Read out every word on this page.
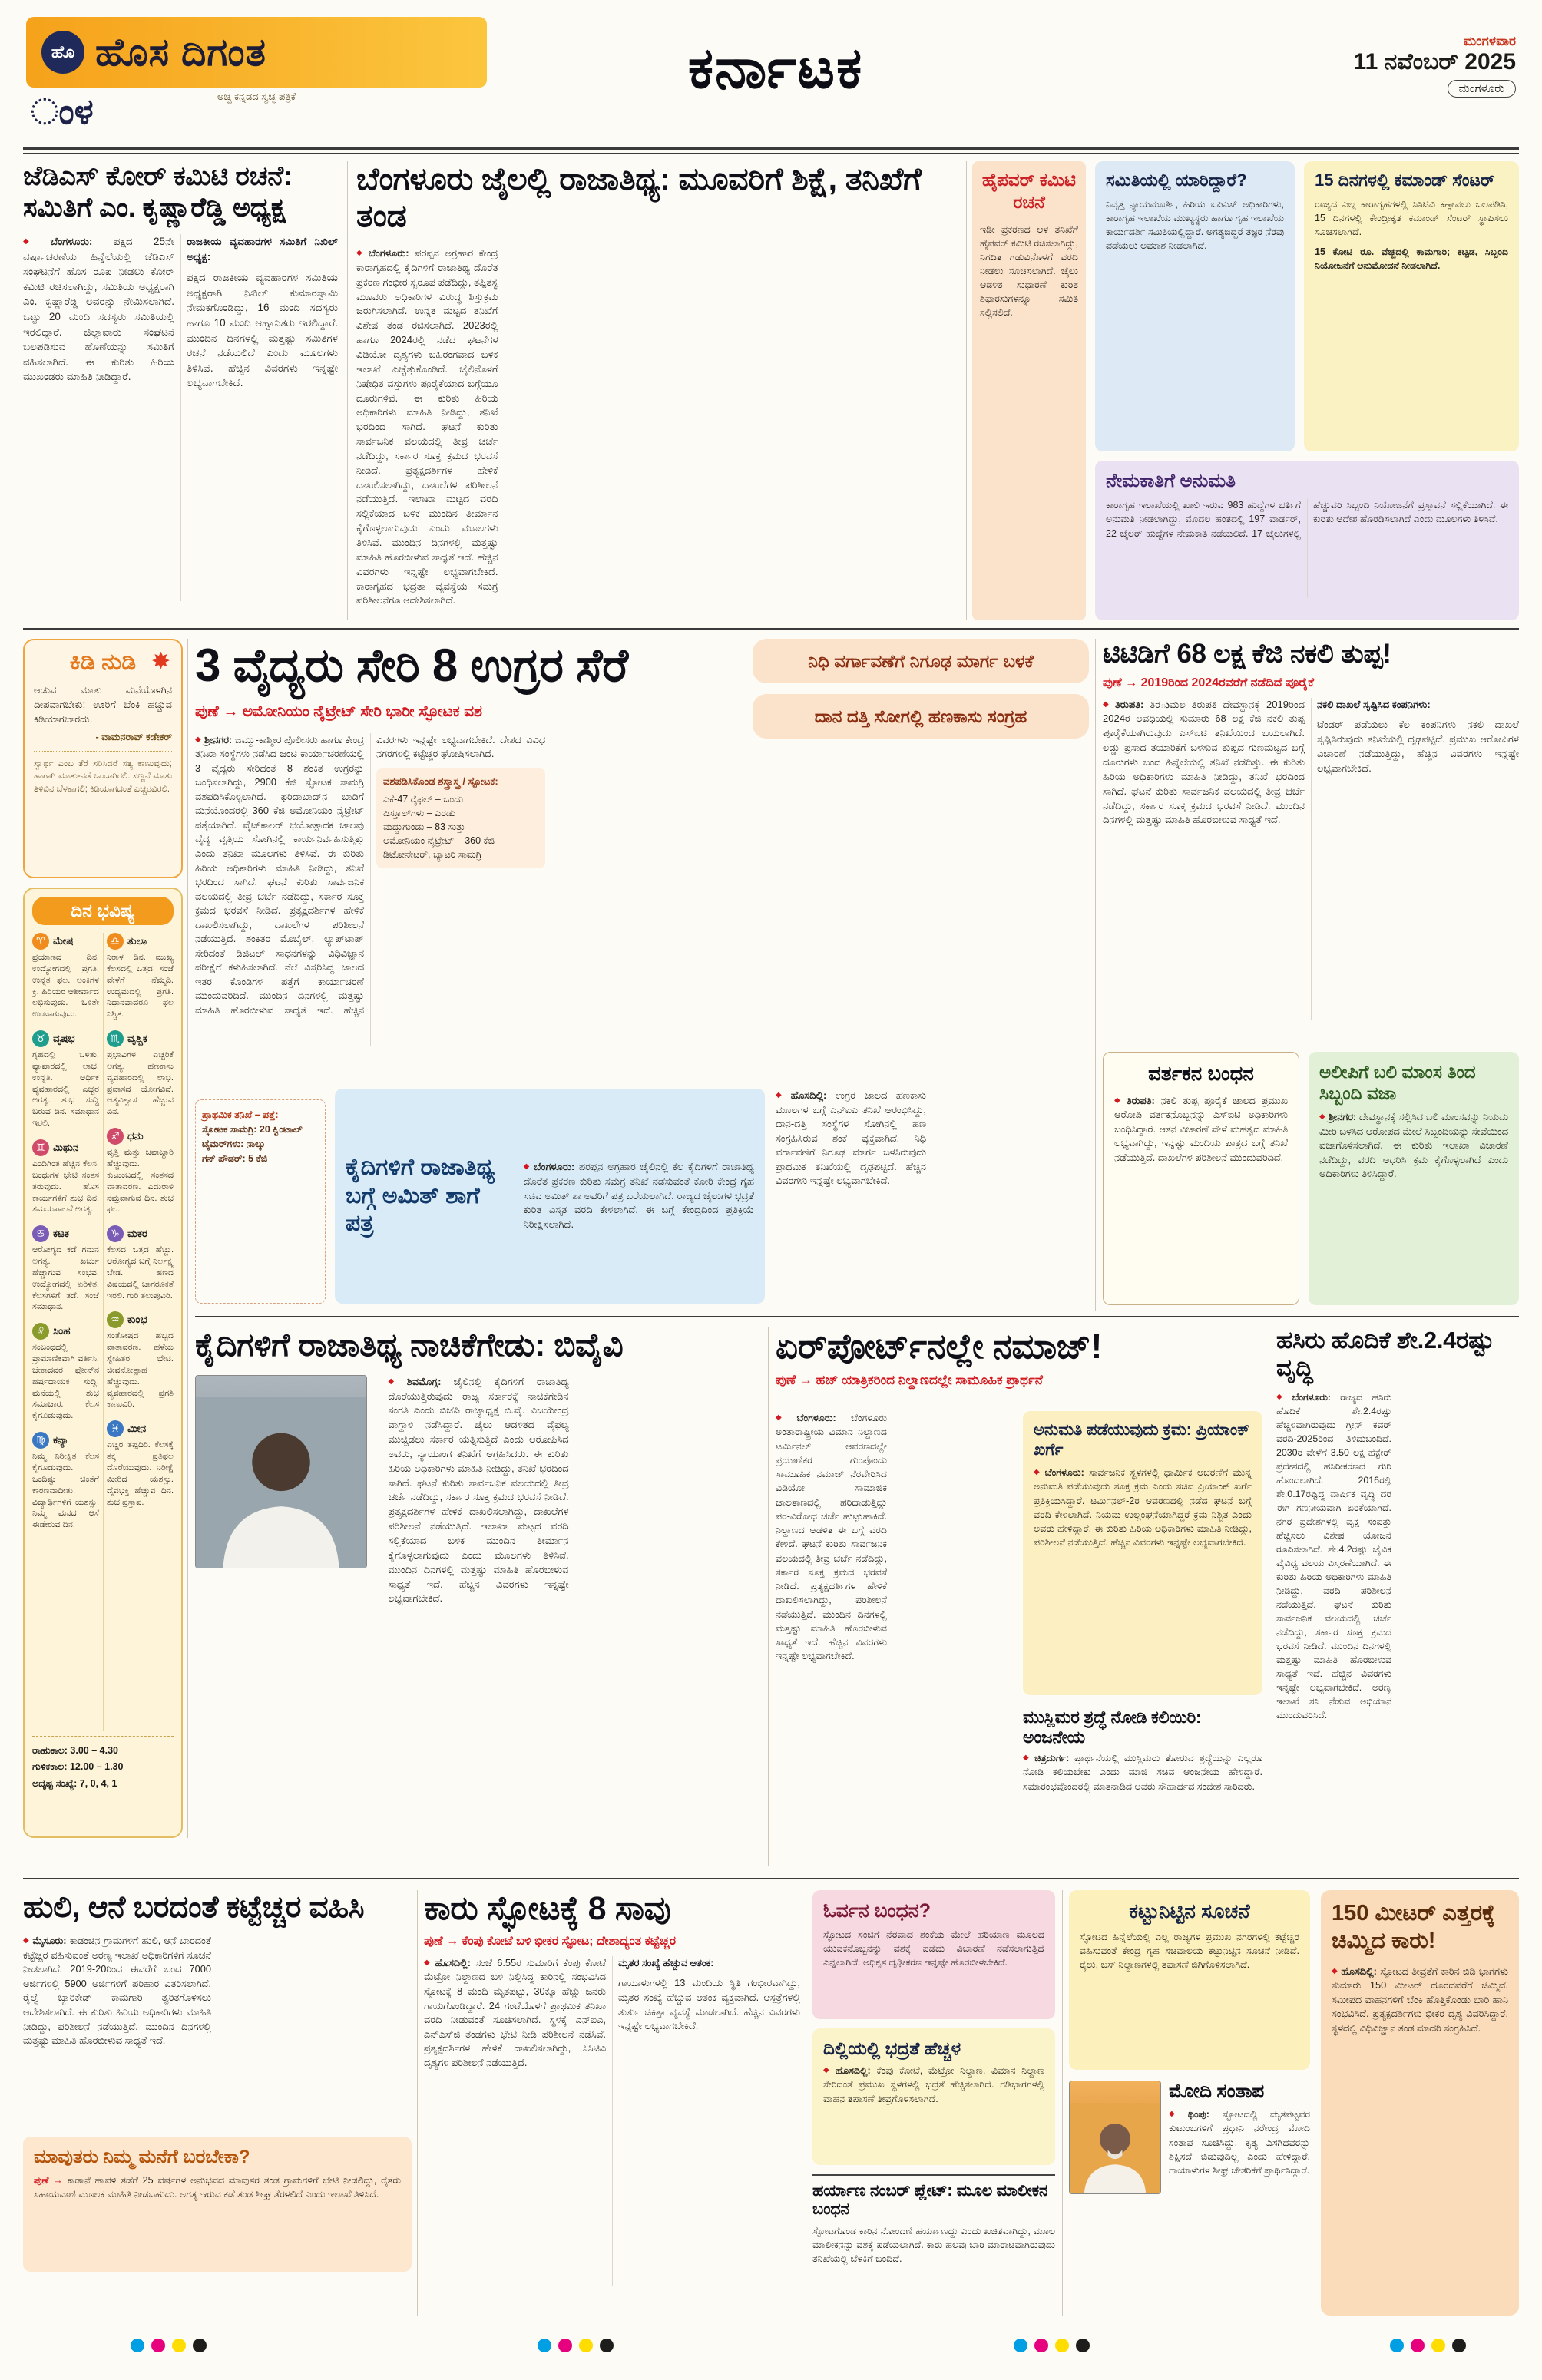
ಹೊ ಹೊಸ ದಿಗಂತ
ಂಳ	ಅಚ್ಚ ಕನ್ನಡದ ಸ್ವಚ್ಛ ಪತ್ರಿಕೆ	ಕರ್ನಾಟಕ	ಮಂಗಳವಾರ
11 ನವೆಂಬರ್ 2025
ಮಂಗಳೂರು
ಜೆಡಿಎಸ್ ಕೋರ್ ಕಮಿಟಿ ರಚನೆ: ಸಮಿತಿಗೆ ಎಂ. ಕೃಷ್ಣಾರೆಡ್ಡಿ ಅಧ್ಯಕ್ಷ

◆ ಬೆಂಗಳೂರು: ಪಕ್ಷದ 25ನೇ ವರ್ಷಾಚರಣೆಯ ಹಿನ್ನೆಲೆಯಲ್ಲಿ ಜೆಡಿಎಸ್ ಸಂಘಟನೆಗೆ ಹೊಸ ರೂಪ ನೀಡಲು ಕೋರ್ ಕಮಿಟಿ ರಚಿಸಲಾಗಿದ್ದು, ಸಮಿತಿಯ ಅಧ್ಯಕ್ಷರಾಗಿ ಎಂ. ಕೃಷ್ಣಾರೆಡ್ಡಿ ಅವರನ್ನು ನೇಮಿಸಲಾಗಿದೆ. ಒಟ್ಟು 20 ಮಂದಿ ಸದಸ್ಯರು ಸಮಿತಿಯಲ್ಲಿ ಇರಲಿದ್ದಾರೆ. ಜಿಲ್ಲಾವಾರು ಸಂಘಟನೆ ಬಲಪಡಿಸುವ ಹೊಣೆಯನ್ನು ಸಮಿತಿಗೆ ವಹಿಸಲಾಗಿದೆ. ಈ ಕುರಿತು ಹಿರಿಯ ಮುಖಂಡರು ಮಾಹಿತಿ ನೀಡಿದ್ದಾರೆ.

ರಾಜಕೀಯ ವ್ಯವಹಾರಗಳ ಸಮಿತಿಗೆ ನಿಖಿಲ್ ಅಧ್ಯಕ್ಷ:

ಪಕ್ಷದ ರಾಜಕೀಯ ವ್ಯವಹಾರಗಳ ಸಮಿತಿಯ ಅಧ್ಯಕ್ಷರಾಗಿ ನಿಖಿಲ್ ಕುಮಾರಸ್ವಾಮಿ ನೇಮಕಗೊಂಡಿದ್ದು, 16 ಮಂದಿ ಸದಸ್ಯರು ಹಾಗೂ 10 ಮಂದಿ ಆಹ್ವಾನಿತರು ಇರಲಿದ್ದಾರೆ. ಮುಂದಿನ ದಿನಗಳಲ್ಲಿ ಮತ್ತಷ್ಟು ಸಮಿತಿಗಳ ರಚನೆ ನಡೆಯಲಿದೆ ಎಂದು ಮೂಲಗಳು ತಿಳಿಸಿವೆ. ಹೆಚ್ಚಿನ ವಿವರಗಳು ಇನ್ನಷ್ಟೇ ಲಭ್ಯವಾಗಬೇಕಿದೆ.

ಬೆಂಗಳೂರು ಜೈಲಲ್ಲಿ ರಾಜಾತಿಥ್ಯ: ಮೂವರಿಗೆ ಶಿಕ್ಷೆ, ತನಿಖೆಗೆ ತಂಡ

◆ ಬೆಂಗಳೂರು: ಪರಪ್ಪನ ಅಗ್ರಹಾರ ಕೇಂದ್ರ ಕಾರಾಗೃಹದಲ್ಲಿ ಕೈದಿಗಳಿಗೆ ರಾಜಾತಿಥ್ಯ ದೊರೆತ ಪ್ರಕರಣ ಗಂಭೀರ ಸ್ವರೂಪ ಪಡೆದಿದ್ದು, ತಪ್ಪಿತಸ್ಥ ಮೂವರು ಅಧಿಕಾರಿಗಳ ವಿರುದ್ಧ ಶಿಸ್ತುಕ್ರಮ ಜರುಗಿಸಲಾಗಿದೆ. ಉನ್ನತ ಮಟ್ಟದ ತನಿಖೆಗೆ ವಿಶೇಷ ತಂಡ ರಚಿಸಲಾಗಿದೆ. 2023ರಲ್ಲಿ ಹಾಗೂ 2024ರಲ್ಲಿ ನಡೆದ ಘಟನೆಗಳ ವಿಡಿಯೋ ದೃಶ್ಯಗಳು ಬಹಿರಂಗವಾದ ಬಳಿಕ ಇಲಾಖೆ ಎಚ್ಚೆತ್ತುಕೊಂಡಿದೆ. ಜೈಲಿನೊಳಗೆ ನಿಷೇಧಿತ ವಸ್ತುಗಳು ಪೂರೈಕೆಯಾದ ಬಗ್ಗೆಯೂ ದೂರುಗಳಿವೆ. ಈ ಕುರಿತು ಹಿರಿಯ ಅಧಿಕಾರಿಗಳು ಮಾಹಿತಿ ನೀಡಿದ್ದು, ತನಿಖೆ ಭರದಿಂದ ಸಾಗಿದೆ. ಘಟನೆ ಕುರಿತು ಸಾರ್ವಜನಿಕ ವಲಯದಲ್ಲಿ ತೀವ್ರ ಚರ್ಚೆ ನಡೆದಿದ್ದು, ಸರ್ಕಾರ ಸೂಕ್ತ ಕ್ರಮದ ಭರವಸೆ ನೀಡಿದೆ. ಪ್ರತ್ಯಕ್ಷದರ್ಶಿಗಳ ಹೇಳಿಕೆ ದಾಖಲಿಸಲಾಗಿದ್ದು, ದಾಖಲೆಗಳ ಪರಿಶೀಲನೆ ನಡೆಯುತ್ತಿದೆ. ಇಲಾಖಾ ಮಟ್ಟದ ವರದಿ ಸಲ್ಲಿಕೆಯಾದ ಬಳಿಕ ಮುಂದಿನ ತೀರ್ಮಾನ ಕೈಗೊಳ್ಳಲಾಗುವುದು ಎಂದು ಮೂಲಗಳು ತಿಳಿಸಿವೆ. ಮುಂದಿನ ದಿನಗಳಲ್ಲಿ ಮತ್ತಷ್ಟು ಮಾಹಿತಿ ಹೊರಬೀಳುವ ಸಾಧ್ಯತೆ ಇದೆ. ಹೆಚ್ಚಿನ ವಿವರಗಳು ಇನ್ನಷ್ಟೇ ಲಭ್ಯವಾಗಬೇಕಿದೆ. ಕಾರಾಗೃಹದ ಭದ್ರತಾ ವ್ಯವಸ್ಥೆಯ ಸಮಗ್ರ ಪರಿಶೀಲನೆಗೂ ಆದೇಶಿಸಲಾಗಿದೆ.

ಹೈಪವರ್ ಕಮಿಟಿ ರಚನೆ
ಇಡೀ ಪ್ರಕರಣದ ಆಳ ತನಿಖೆಗೆ ಹೈಪವರ್ ಕಮಿಟಿ ರಚಿಸಲಾಗಿದ್ದು, ನಿಗದಿತ ಗಡುವಿನೊಳಗೆ ವರದಿ ನೀಡಲು ಸೂಚಿಸಲಾಗಿದೆ. ಜೈಲು ಆಡಳಿತ ಸುಧಾರಣೆ ಕುರಿತ ಶಿಫಾರಸುಗಳನ್ನೂ ಸಮಿತಿ ಸಲ್ಲಿಸಲಿದೆ.
ಸಮಿತಿಯಲ್ಲಿ ಯಾರಿದ್ದಾರೆ?
ನಿವೃತ್ತ ನ್ಯಾಯಮೂರ್ತಿ, ಹಿರಿಯ ಐಪಿಎಸ್ ಅಧಿಕಾರಿಗಳು, ಕಾರಾಗೃಹ ಇಲಾಖೆಯ ಮುಖ್ಯಸ್ಥರು ಹಾಗೂ ಗೃಹ ಇಲಾಖೆಯ ಕಾರ್ಯದರ್ಶಿ ಸಮಿತಿಯಲ್ಲಿದ್ದಾರೆ. ಅಗತ್ಯಬಿದ್ದರೆ ತಜ್ಞರ ನೆರವು ಪಡೆಯಲು ಅವಕಾಶ ನೀಡಲಾಗಿದೆ.
15 ದಿನಗಳಲ್ಲಿ ಕಮಾಂಡ್ ಸೆಂಟರ್
ರಾಜ್ಯದ ಎಲ್ಲ ಕಾರಾಗೃಹಗಳಲ್ಲಿ ಸಿಸಿಟಿವಿ ಕಣ್ಗಾವಲು ಬಲಪಡಿಸಿ, 15 ದಿನಗಳಲ್ಲಿ ಕೇಂದ್ರೀಕೃತ ಕಮಾಂಡ್ ಸೆಂಟರ್ ಸ್ಥಾಪಿಸಲು ಸೂಚಿಸಲಾಗಿದೆ.
15 ಕೋಟಿ ರೂ. ವೆಚ್ಚದಲ್ಲಿ ಕಾಮಗಾರಿ; ಕಟ್ಟಡ, ಸಿಬ್ಬಂದಿ ನಿಯೋಜನೆಗೆ ಅನುಮೋದನೆ ನೀಡಲಾಗಿದೆ.
ನೇಮಕಾತಿಗೆ ಅನುಮತಿ
ಕಾರಾಗೃಹ ಇಲಾಖೆಯಲ್ಲಿ ಖಾಲಿ ಇರುವ 983 ಹುದ್ದೆಗಳ ಭರ್ತಿಗೆ ಅನುಮತಿ ನೀಡಲಾಗಿದ್ದು, ಮೊದಲ ಹಂತದಲ್ಲಿ 197 ವಾರ್ಡರ್, 22 ಜೈಲರ್ ಹುದ್ದೆಗಳ ನೇಮಕಾತಿ ನಡೆಯಲಿದೆ. 17 ಜೈಲುಗಳಲ್ಲಿ ಹೆಚ್ಚುವರಿ ಸಿಬ್ಬಂದಿ ನಿಯೋಜನೆಗೆ ಪ್ರಸ್ತಾವನೆ ಸಲ್ಲಿಕೆಯಾಗಿದೆ. ಈ ಕುರಿತು ಆದೇಶ ಹೊರಡಿಸಲಾಗಿದೆ ಎಂದು ಮೂಲಗಳು ತಿಳಿಸಿವೆ.
ಕಿಡಿ ನುಡಿ ✸
ಆಡುವ ಮಾತು ಮನೆಯೊಳಗಿನ ದೀಪವಾಗಬೇಕು; ಊರಿಗೆ ಬೆಂಕಿ ಹಚ್ಚುವ ಕಿಡಿಯಾಗಬಾರದು.
- ವಾಮನರಾವ್ ಕಡೇಕರ್
ಸ್ವಾರ್ಥ ಎಂಬ ತೆರೆ ಸರಿಸಿದರೆ ಸತ್ಯ ಕಾಣುವುದು; ಹಾಗಾಗಿ ಮಾತು-ನಡೆ ಒಂದಾಗಿರಲಿ. ಸಣ್ಣನೆ ಮಾತು ತಿಳಿವಿನ ಬೆಳಕಾಗಲಿ; ಕಿಡಿಯಾಗದಂತೆ ಎಚ್ಚರವಿರಲಿ.
ದಿನ ಭವಿಷ್ಯ
♈ ಮೇಷ
ಪ್ರಯಾಣದ ದಿನ. ಉದ್ಯೋಗದಲ್ಲಿ ಪ್ರಗತಿ. ಉನ್ನತ ಫಲ. ಅಂಕಿಗಳ ಕ್ರಿ. ಹಿರಿಯರ ಆಶೀರ್ವಾದ ಲಭಿಸುವುದು. ಒಳಿತೇ ಉಂಟಾಗುವುದು.
♉ ವೃಷಭ
ಗೃಹದಲ್ಲಿ ಒಳಿತು. ವ್ಯಾಪಾರದಲ್ಲಿ ಲಾಭ. ಉನ್ನತಿ. ಆರ್ಥಿಕ ವ್ಯವಹಾರದಲ್ಲಿ ಎಚ್ಚರ ಅಗತ್ಯ. ಶುಭ ಸುದ್ದಿ ಬರುವ ದಿನ. ಸಮಾಧಾನ ಇರಲಿ.
♊ ಮಿಥುನ
ಎಂದಿಗಿಂತ ಹೆಚ್ಚಿನ ಕೆಲಸ. ಬಂಧುಗಳ ಭೇಟಿ ಸಂತಸ ತರುವುದು. ಹೊಸ ಕಾರ್ಯಗಳಿಗೆ ಶುಭ ದಿನ. ಸಮಯಪಾಲನೆ ಅಗತ್ಯ.
♋ ಕಟಕ
ಆರೋಗ್ಯದ ಕಡೆ ಗಮನ ಅಗತ್ಯ. ಖರ್ಚು ಹೆಚ್ಚಾಗುವ ಸಂಭವ. ಉದ್ಯೋಗದಲ್ಲಿ ಏರಿಳಿತ. ಕೆಲಸಗಳಿಗೆ ತಡೆ. ಸಂಜೆ ಸಮಾಧಾನ.
♌ ಸಿಂಹ
ಸಂಬಂಧದಲ್ಲಿ ಪ್ರಾಮಾಣಿಕವಾಗಿ ವರ್ತಿಸಿ. ಬೇಕಾದವರ ಫೋನ್‌ನ ಹರ್ಷದಾಯಕ ಸುದ್ದಿ. ಮನೆಯಲ್ಲಿ ಶುಭ ಸಮಾಚಾರ. ಕೆಲಸ ಕೈಗೂಡುವುದು.
♍ ಕನ್ಯಾ
ನಿಮ್ಮ ನಿರೀಕ್ಷಿತ ಕೆಲಸ ಕೈಗೂಡುವುದು. ಒಂದಿಷ್ಟು ಚಿಂತೆಗೆ ಕಾರಣವಾದೀತು. ವಿದ್ಯಾರ್ಥಿಗಳಿಗೆ ಯಶಸ್ಸು. ನಿಮ್ಮ ಮನದ ಆಸೆ ಈಡೇರುವ ದಿನ.
♎ ತುಲಾ
ನಿರಾಳ ದಿನ. ಮುಖ್ಯ ಕೆಲಸದಲ್ಲಿ ಒತ್ತಡ. ಸಂಜೆ ವೇಳೆಗೆ ನೆಮ್ಮದಿ. ಉದ್ಯಮದಲ್ಲಿ ಪ್ರಗತಿ. ನಿಧಾನವಾದರೂ ಫಲ ನಿಶ್ಚಿತ.
♏ ವೃಶ್ಚಿಕ
ಪ್ರಭಾವಿಗಳ ಎಚ್ಚರಿಕೆ ಅಗತ್ಯ. ಹಣಕಾಸು ವ್ಯವಹಾರದಲ್ಲಿ ಲಾಭ. ಪ್ರವಾಸದ ಯೋಗವಿದೆ. ಆತ್ಮವಿಶ್ವಾಸ ಹೆಚ್ಚುವ ದಿನ.
♐ ಧನು
ವೃತ್ತಿ ಮತ್ತು ಜವಾಬ್ದಾರಿ ಹೆಚ್ಚುವುದು. ಕುಟುಂಬದಲ್ಲಿ ಸಂತಸದ ವಾತಾವರಣ. ಎದುರಾಳಿ ನಮ್ರವಾಗುವ ದಿನ. ಶುಭ ಫಲ.
♑ ಮಕರ
ಕೆಲಸದ ಒತ್ತಡ ಹೆಚ್ಚು. ಆರೋಗ್ಯದ ಬಗ್ಗೆ ನಿರ್ಲಕ್ಷ್ಯ ಬೇಡ. ಹಣದ ವಿಷಯದಲ್ಲಿ ಜಾಗರೂಕತೆ ಇರಲಿ. ಗುರಿ ತಲುಪುವಿರಿ.
♒ ಕುಂಭ
ಸಂತೋಷದ ಹಬ್ಬದ ವಾತಾವರಣ. ಹಳೆಯ ಸ್ನೇಹಿತರ ಭೇಟಿ. ಜೀವನೋತ್ಸಾಹ ಹೆಚ್ಚುವುದು. ವ್ಯವಹಾರದಲ್ಲಿ ಪ್ರಗತಿ ಕಾಣುವಿರಿ.
♓ ಮೀನ
ಎಚ್ಚರ ತಪ್ಪದಿರಿ. ಕೆಲಸಕ್ಕೆ ತಕ್ಕ ಪ್ರತಿಫಲ ದೊರೆಯುವುದು. ನಿರೀಕ್ಷೆ ಮೀರಿದ ಯಶಸ್ಸು. ದೈವಭಕ್ತಿ ಹೆಚ್ಚುವ ದಿನ. ಶುಭ ಪ್ರಸ್ತಾಪ.
ರಾಹುಕಾಲ: 3.00 – 4.30
ಗುಳಿಕಕಾಲ: 12.00 – 1.30
ಅದೃಷ್ಟ ಸಂಖ್ಯೆ: 7, 0, 4, 1
3 ವೈದ್ಯರು ಸೇರಿ 8 ಉಗ್ರರ ಸೆರೆ
ಪುಣೆ → ಅಮೋನಿಯಂ ನೈಟ್ರೇಟ್ ಸೇರಿ ಭಾರೀ ಸ್ಫೋಟಕ ವಶ
ನಿಧಿ ವರ್ಗಾವಣೆಗೆ ನಿಗೂಢ ಮಾರ್ಗ ಬಳಕೆ
ದಾನ ದತ್ತಿ ಸೋಗಲ್ಲಿ ಹಣಕಾಸು ಸಂಗ್ರಹ

◆ ಶ್ರೀನಗರ: ಜಮ್ಮು-ಕಾಶ್ಮೀರ ಪೊಲೀಸರು ಹಾಗೂ ಕೇಂದ್ರ ತನಿಖಾ ಸಂಸ್ಥೆಗಳು ನಡೆಸಿದ ಜಂಟಿ ಕಾರ್ಯಾಚರಣೆಯಲ್ಲಿ 3 ವೈದ್ಯರು ಸೇರಿದಂತೆ 8 ಶಂಕಿತ ಉಗ್ರರನ್ನು ಬಂಧಿಸಲಾಗಿದ್ದು, 2900 ಕೆಜಿ ಸ್ಫೋಟಕ ಸಾಮಗ್ರಿ ವಶಪಡಿಸಿಕೊಳ್ಳಲಾಗಿದೆ. ಫರಿದಾಬಾದ್‌ನ ಬಾಡಿಗೆ ಮನೆಯೊಂದರಲ್ಲಿ 360 ಕೆಜಿ ಅಮೋನಿಯಂ ನೈಟ್ರೇಟ್ ಪತ್ತೆಯಾಗಿದೆ. ವೈಟ್‌ಕಾಲರ್ ಭಯೋತ್ಪಾದಕ ಜಾಲವು ವೈದ್ಯ ವೃತ್ತಿಯ ಸೋಗಿನಲ್ಲಿ ಕಾರ್ಯನಿರ್ವಹಿಸುತ್ತಿತ್ತು ಎಂದು ತನಿಖಾ ಮೂಲಗಳು ತಿಳಿಸಿವೆ. ಈ ಕುರಿತು ಹಿರಿಯ ಅಧಿಕಾರಿಗಳು ಮಾಹಿತಿ ನೀಡಿದ್ದು, ತನಿಖೆ ಭರದಿಂದ ಸಾಗಿದೆ. ಘಟನೆ ಕುರಿತು ಸಾರ್ವಜನಿಕ ವಲಯದಲ್ಲಿ ತೀವ್ರ ಚರ್ಚೆ ನಡೆದಿದ್ದು, ಸರ್ಕಾರ ಸೂಕ್ತ ಕ್ರಮದ ಭರವಸೆ ನೀಡಿದೆ. ಪ್ರತ್ಯಕ್ಷದರ್ಶಿಗಳ ಹೇಳಿಕೆ ದಾಖಲಿಸಲಾಗಿದ್ದು, ದಾಖಲೆಗಳ ಪರಿಶೀಲನೆ ನಡೆಯುತ್ತಿದೆ. ಶಂಕಿತರ ಮೊಬೈಲ್, ಲ್ಯಾಪ್‌ಟಾಪ್ ಸೇರಿದಂತೆ ಡಿಜಿಟಲ್ ಸಾಧನಗಳನ್ನು ವಿಧಿವಿಜ್ಞಾನ ಪರೀಕ್ಷೆಗೆ ಕಳುಹಿಸಲಾಗಿದೆ. ನೆಲೆ ವಿಸ್ತರಿಸಿದ್ದ ಜಾಲದ ಇತರ ಕೊಂಡಿಗಳ ಪತ್ತೆಗೆ ಕಾರ್ಯಾಚರಣೆ ಮುಂದುವರಿದಿದೆ. ಮುಂದಿನ ದಿನಗಳಲ್ಲಿ ಮತ್ತಷ್ಟು ಮಾಹಿತಿ ಹೊರಬೀಳುವ ಸಾಧ್ಯತೆ ಇದೆ. ಹೆಚ್ಚಿನ ವಿವರಗಳು ಇನ್ನಷ್ಟೇ ಲಭ್ಯವಾಗಬೇಕಿದೆ. ದೇಶದ ವಿವಿಧ ನಗರಗಳಲ್ಲಿ ಕಟ್ಟೆಚ್ಚರ ಘೋಷಿಸಲಾಗಿದೆ.

ವಶಪಡಿಸಿಕೊಂಡ ಶಸ್ತ್ರಾಸ್ತ್ರ / ಸ್ಫೋಟಕ:
ಎಕೆ-47 ರೈಫಲ್ – ಒಂದು
ಪಿಸ್ತೂಲ್‌ಗಳು – ಎರಡು
ಮದ್ದುಗುಂಡು – 83 ಸುತ್ತು
ಅಮೋನಿಯಂ ನೈಟ್ರೇಟ್ – 360 ಕೆಜಿ
ಡಿಟೋನೇಟರ್, ಬ್ಯಾಟರಿ ಸಾಮಗ್ರಿ
ಪ್ರಾಥಮಿಕ ತನಿಖೆ – ಪತ್ತೆ:
ಸ್ಫೋಟಕ ಸಾಮಗ್ರಿ: 20 ಕ್ವಿಂಟಾಲ್
ಟೈಮರ್‌ಗಳು: ನಾಲ್ಕು
ಗನ್ ಪೌಡರ್: 5 ಕೆಜಿ	ಕೈದಿಗಳಿಗೆ ರಾಜಾತಿಥ್ಯ ಬಗ್ಗೆ ಅಮಿತ್ ಶಾಗೆ ಪತ್ರ
◆ ಬೆಂಗಳೂರು: ಪರಪ್ಪನ ಅಗ್ರಹಾರ ಜೈಲಿನಲ್ಲಿ ಕೆಲ ಕೈದಿಗಳಿಗೆ ರಾಜಾತಿಥ್ಯ ದೊರೆತ ಪ್ರಕರಣ ಕುರಿತು ಸಮಗ್ರ ತನಿಖೆ ನಡೆಸುವಂತೆ ಕೋರಿ ಕೇಂದ್ರ ಗೃಹ ಸಚಿವ ಅಮಿತ್ ಶಾ ಅವರಿಗೆ ಪತ್ರ ಬರೆಯಲಾಗಿದೆ. ರಾಜ್ಯದ ಜೈಲುಗಳ ಭದ್ರತೆ ಕುರಿತ ವಿಸ್ತೃತ ವರದಿ ಕೇಳಲಾಗಿದೆ. ಈ ಬಗ್ಗೆ ಕೇಂದ್ರದಿಂದ ಪ್ರತಿಕ್ರಿಯೆ ನಿರೀಕ್ಷಿಸಲಾಗಿದೆ.

◆ ಹೊಸದಿಲ್ಲಿ: ಉಗ್ರರ ಜಾಲದ ಹಣಕಾಸು ಮೂಲಗಳ ಬಗ್ಗೆ ಎನ್‌ಐಎ ತನಿಖೆ ಆರಂಭಿಸಿದ್ದು, ದಾನ-ದತ್ತಿ ಸಂಸ್ಥೆಗಳ ಸೋಗಿನಲ್ಲಿ ಹಣ ಸಂಗ್ರಹಿಸಿರುವ ಶಂಕೆ ವ್ಯಕ್ತವಾಗಿದೆ. ನಿಧಿ ವರ್ಗಾವಣೆಗೆ ನಿಗೂಢ ಮಾರ್ಗ ಬಳಸಿರುವುದು ಪ್ರಾಥಮಿಕ ತನಿಖೆಯಲ್ಲಿ ದೃಢಪಟ್ಟಿದೆ. ಹೆಚ್ಚಿನ ವಿವರಗಳು ಇನ್ನಷ್ಟೇ ಲಭ್ಯವಾಗಬೇಕಿದೆ.

ಟಿಟಿಡಿಗೆ 68 ಲಕ್ಷ ಕೆಜಿ ನಕಲಿ ತುಪ್ಪ!
ಪುಣೆ → 2019ರಿಂದ 2024ರವರೆಗೆ ನಡೆದಿದೆ ಪೂರೈಕೆ

◆ ತಿರುಪತಿ: ತಿರుಮಲ ತಿರುಪತಿ ದೇವಸ್ಥಾನಕ್ಕೆ 2019ರಿಂದ 2024ರ ಅವಧಿಯಲ್ಲಿ ಸುಮಾರು 68 ಲಕ್ಷ ಕೆಜಿ ನಕಲಿ ತುಪ್ಪ ಪೂರೈಕೆಯಾಗಿರುವುದು ಎಸ್‌ಐಟಿ ತನಿಖೆಯಿಂದ ಬಯಲಾಗಿದೆ. ಲಡ್ಡು ಪ್ರಸಾದ ತಯಾರಿಕೆಗೆ ಬಳಸುವ ತುಪ್ಪದ ಗುಣಮಟ್ಟದ ಬಗ್ಗೆ ದೂರುಗಳು ಬಂದ ಹಿನ್ನೆಲೆಯಲ್ಲಿ ತನಿಖೆ ನಡೆದಿತ್ತು. ಈ ಕುರಿತು ಹಿರಿಯ ಅಧಿಕಾರಿಗಳು ಮಾಹಿತಿ ನೀಡಿದ್ದು, ತನಿಖೆ ಭರದಿಂದ ಸಾಗಿದೆ. ಘಟನೆ ಕುರಿತು ಸಾರ್ವಜನಿಕ ವಲಯದಲ್ಲಿ ತೀವ್ರ ಚರ್ಚೆ ನಡೆದಿದ್ದು, ಸರ್ಕಾರ ಸೂಕ್ತ ಕ್ರಮದ ಭರವಸೆ ನೀಡಿದೆ. ಮುಂದಿನ ದಿನಗಳಲ್ಲಿ ಮತ್ತಷ್ಟು ಮಾಹಿತಿ ಹೊರಬೀಳುವ ಸಾಧ್ಯತೆ ಇದೆ.

ನಕಲಿ ದಾಖಲೆ ಸೃಷ್ಟಿಸಿದ ಕಂಪನಿಗಳು:

ಟೆಂಡರ್ ಪಡೆಯಲು ಕೆಲ ಕಂಪನಿಗಳು ನಕಲಿ ದಾಖಲೆ ಸೃಷ್ಟಿಸಿರುವುದು ತನಿಖೆಯಲ್ಲಿ ದೃಢಪಟ್ಟಿದೆ. ಪ್ರಮುಖ ಆರೋಪಿಗಳ ವಿಚಾರಣೆ ನಡೆಯುತ್ತಿದ್ದು, ಹೆಚ್ಚಿನ ವಿವರಗಳು ಇನ್ನಷ್ಟೇ ಲಭ್ಯವಾಗಬೇಕಿದೆ.

ವರ್ತಕನ ಬಂಧನ
◆ ತಿರುಪತಿ: ನಕಲಿ ತುಪ್ಪ ಪೂರೈಕೆ ಜಾಲದ ಪ್ರಮುಖ ಆರೋಪಿ ವರ್ತಕನೊಬ್ಬನನ್ನು ಎಸ್‌ಐಟಿ ಅಧಿಕಾರಿಗಳು ಬಂಧಿಸಿದ್ದಾರೆ. ಆತನ ವಿಚಾರಣೆ ವೇಳೆ ಮಹತ್ವದ ಮಾಹಿತಿ ಲಭ್ಯವಾಗಿದ್ದು, ಇನ್ನಷ್ಟು ಮಂದಿಯ ಪಾತ್ರದ ಬಗ್ಗೆ ತನಿಖೆ ನಡೆಯುತ್ತಿದೆ. ದಾಖಲೆಗಳ ಪರಿಶೀಲನೆ ಮುಂದುವರಿದಿದೆ.
ಅಲೀಪಿಗೆ ಬಲಿ ಮಾಂಸ ತಿಂದ ಸಿಬ್ಬಂದಿ ವಜಾ
◆ ಶ್ರೀನಗರ: ದೇವಸ್ಥಾನಕ್ಕೆ ಸಲ್ಲಿಸಿದ ಬಲಿ ಮಾಂಸವನ್ನು ನಿಯಮ ಮೀರಿ ಬಳಸಿದ ಆರೋಪದ ಮೇಲೆ ಸಿಬ್ಬಂದಿಯನ್ನು ಸೇವೆಯಿಂದ ವಜಾಗೊಳಿಸಲಾಗಿದೆ. ಈ ಕುರಿತು ಇಲಾಖಾ ವಿಚಾರಣೆ ನಡೆದಿದ್ದು, ವರದಿ ಆಧರಿಸಿ ಕ್ರಮ ಕೈಗೊಳ್ಳಲಾಗಿದೆ ಎಂದು ಅಧಿಕಾರಿಗಳು ತಿಳಿಸಿದ್ದಾರೆ.
ಕೈದಿಗಳಿಗೆ ರಾಜಾತಿಥ್ಯ ನಾಚಿಕೆಗೇಡು: ಬಿವೈವಿ

◆ ಶಿವಮೊಗ್ಗ: ಜೈಲಿನಲ್ಲಿ ಕೈದಿಗಳಿಗೆ ರಾಜಾತಿಥ್ಯ ದೊರೆಯುತ್ತಿರುವುದು ರಾಜ್ಯ ಸರ್ಕಾರಕ್ಕೆ ನಾಚಿಕೆಗೇಡಿನ ಸಂಗತಿ ಎಂದು ಬಿಜೆಪಿ ರಾಜ್ಯಾಧ್ಯಕ್ಷ ಬಿ.ವೈ. ವಿಜಯೇಂದ್ರ ವಾಗ್ದಾಳಿ ನಡೆಸಿದ್ದಾರೆ. ಜೈಲು ಆಡಳಿತದ ವೈಫಲ್ಯ ಮುಚ್ಚಿಡಲು ಸರ್ಕಾರ ಯತ್ನಿಸುತ್ತಿದೆ ಎಂದು ಆರೋಪಿಸಿದ ಅವರು, ನ್ಯಾಯಾಂಗ ತನಿಖೆಗೆ ಆಗ್ರಹಿಸಿದರು. ಈ ಕುರಿತು ಹಿರಿಯ ಅಧಿಕಾರಿಗಳು ಮಾಹಿತಿ ನೀಡಿದ್ದು, ತನಿಖೆ ಭರದಿಂದ ಸಾಗಿದೆ. ಘಟನೆ ಕುರಿತು ಸಾರ್ವಜನಿಕ ವಲಯದಲ್ಲಿ ತೀವ್ರ ಚರ್ಚೆ ನಡೆದಿದ್ದು, ಸರ್ಕಾರ ಸೂಕ್ತ ಕ್ರಮದ ಭರವಸೆ ನೀಡಿದೆ. ಪ್ರತ್ಯಕ್ಷದರ್ಶಿಗಳ ಹೇಳಿಕೆ ದಾಖಲಿಸಲಾಗಿದ್ದು, ದಾಖಲೆಗಳ ಪರಿಶೀಲನೆ ನಡೆಯುತ್ತಿದೆ. ಇಲಾಖಾ ಮಟ್ಟದ ವರದಿ ಸಲ್ಲಿಕೆಯಾದ ಬಳಿಕ ಮುಂದಿನ ತೀರ್ಮಾನ ಕೈಗೊಳ್ಳಲಾಗುವುದು ಎಂದು ಮೂಲಗಳು ತಿಳಿಸಿವೆ. ಮುಂದಿನ ದಿನಗಳಲ್ಲಿ ಮತ್ತಷ್ಟು ಮಾಹಿತಿ ಹೊರಬೀಳುವ ಸಾಧ್ಯತೆ ಇದೆ. ಹೆಚ್ಚಿನ ವಿವರಗಳು ಇನ್ನಷ್ಟೇ ಲಭ್ಯವಾಗಬೇಕಿದೆ.

ಏರ್‌ಪೋರ್ಟ್‌ನಲ್ಲೇ ನಮಾಜ್!
ಪುಣೆ → ಹಜ್ ಯಾತ್ರಿಕರಿಂದ ನಿಲ್ದಾಣದಲ್ಲೇ ಸಾಮೂಹಿಕ ಪ್ರಾರ್ಥನೆ

◆ ಬೆಂಗಳೂರು: ಬೆಂಗಳೂರು ಅಂತಾರಾಷ್ಟ್ರೀಯ ವಿಮಾನ ನಿಲ್ದಾಣದ ಟರ್ಮಿನಲ್ ಆವರಣದಲ್ಲೇ ಪ್ರಯಾಣಿಕರ ಗುಂಪೊಂದು ಸಾಮೂಹಿಕ ನಮಾಜ್ ನೆರವೇರಿಸಿದ ವಿಡಿಯೋ ಸಾಮಾಜಿಕ ಜಾಲತಾಣದಲ್ಲಿ ಹರಿದಾಡುತ್ತಿದ್ದು ಪರ-ವಿರೋಧ ಚರ್ಚೆ ಹುಟ್ಟುಹಾಕಿದೆ. ನಿಲ್ದಾಣದ ಆಡಳಿತ ಈ ಬಗ್ಗೆ ವರದಿ ಕೇಳಿದೆ. ಘಟನೆ ಕುರಿತು ಸಾರ್ವಜನಿಕ ವಲಯದಲ್ಲಿ ತೀವ್ರ ಚರ್ಚೆ ನಡೆದಿದ್ದು, ಸರ್ಕಾರ ಸೂಕ್ತ ಕ್ರಮದ ಭರವಸೆ ನೀಡಿದೆ. ಪ್ರತ್ಯಕ್ಷದರ್ಶಿಗಳ ಹೇಳಿಕೆ ದಾಖಲಿಸಲಾಗಿದ್ದು, ಪರಿಶೀಲನೆ ನಡೆಯುತ್ತಿದೆ. ಮುಂದಿನ ದಿನಗಳಲ್ಲಿ ಮತ್ತಷ್ಟು ಮಾಹಿತಿ ಹೊರಬೀಳುವ ಸಾಧ್ಯತೆ ಇದೆ. ಹೆಚ್ಚಿನ ವಿವರಗಳು ಇನ್ನಷ್ಟೇ ಲಭ್ಯವಾಗಬೇಕಿದೆ.

ಅನುಮತಿ ಪಡೆಯುವುದು ಕ್ರಮ: ಪ್ರಿಯಾಂಕ್ ಖರ್ಗೆ
◆ ಬೆಂಗಳೂರು: ಸಾರ್ವಜನಿಕ ಸ್ಥಳಗಳಲ್ಲಿ ಧಾರ್ಮಿಕ ಆಚರಣೆಗೆ ಮುನ್ನ ಅನುಮತಿ ಪಡೆಯುವುದು ಸೂಕ್ತ ಕ್ರಮ ಎಂದು ಸಚಿವ ಪ್ರಿಯಾಂಕ್ ಖರ್ಗೆ ಪ್ರತಿಕ್ರಿಯಿಸಿದ್ದಾರೆ. ಟರ್ಮಿನಲ್-2ರ ಆವರಣದಲ್ಲಿ ನಡೆದ ಘಟನೆ ಬಗ್ಗೆ ವರದಿ ಕೇಳಲಾಗಿದೆ. ನಿಯಮ ಉಲ್ಲಂಘನೆಯಾಗಿದ್ದರೆ ಕ್ರಮ ನಿಶ್ಚಿತ ಎಂದು ಅವರು ಹೇಳಿದ್ದಾರೆ. ಈ ಕುರಿತು ಹಿರಿಯ ಅಧಿಕಾರಿಗಳು ಮಾಹಿತಿ ನೀಡಿದ್ದು, ಪರಿಶೀಲನೆ ನಡೆಯುತ್ತಿದೆ. ಹೆಚ್ಚಿನ ವಿವರಗಳು ಇನ್ನಷ್ಟೇ ಲಭ್ಯವಾಗಬೇಕಿದೆ.
ಮುಸ್ಲಿಮರ ಶ್ರದ್ಧೆ ನೋಡಿ ಕಲಿಯಿರಿ: ಅಂಜನೇಯ
◆ ಚಿತ್ರದುರ್ಗ: ಪ್ರಾರ್ಥನೆಯಲ್ಲಿ ಮುಸ್ಲಿಮರು ತೋರುವ ಶ್ರದ್ಧೆಯನ್ನು ಎಲ್ಲರೂ ನೋಡಿ ಕಲಿಯಬೇಕು ಎಂದು ಮಾಜಿ ಸಚಿವ ಆಂಜನೇಯ ಹೇಳಿದ್ದಾರೆ. ಸಮಾರಂಭವೊಂದರಲ್ಲಿ ಮಾತನಾಡಿದ ಅವರು ಸೌಹಾರ್ದದ ಸಂದೇಶ ಸಾರಿದರು.
ಹಸಿರು ಹೊದಿಕೆ ಶೇ.2.4ರಷ್ಟು ವೃದ್ಧಿ

◆ ಬೆಂಗಳೂರು: ರಾಜ್ಯದ ಹಸಿರು ಹೊದಿಕೆ ಶೇ.2.4ರಷ್ಟು ಹೆಚ್ಚಳವಾಗಿರುವುದು ಗ್ರೀನ್ ಕವರ್ ವರದಿ-2025ರಿಂದ ತಿಳಿದುಬಂದಿದೆ. 2030ರ ವೇಳೆಗೆ 3.50 ಲಕ್ಷ ಹೆಕ್ಟೇರ್ ಪ್ರದೇಶದಲ್ಲಿ ಹಸಿರೀಕರಣದ ಗುರಿ ಹೊಂದಲಾಗಿದೆ. 2016ರಲ್ಲಿ ಶೇ.0.17ರಷ್ಟಿದ್ದ ವಾರ್ಷಿಕ ವೃದ್ಧಿ ದರ ಈಗ ಗಣನೀಯವಾಗಿ ಏರಿಕೆಯಾಗಿದೆ. ನಗರ ಪ್ರದೇಶಗಳಲ್ಲಿ ವೃಕ್ಷ ಸಂಪತ್ತು ಹೆಚ್ಚಿಸಲು ವಿಶೇಷ ಯೋಜನೆ ರೂಪಿಸಲಾಗಿದೆ. ಶೇ.4.2ರಷ್ಟು ಜೈವಿಕ ವೈವಿಧ್ಯ ವಲಯ ವಿಸ್ತರಣೆಯಾಗಿದೆ. ಈ ಕುರಿತು ಹಿರಿಯ ಅಧಿಕಾರಿಗಳು ಮಾಹಿತಿ ನೀಡಿದ್ದು, ವರದಿ ಪರಿಶೀಲನೆ ನಡೆಯುತ್ತಿದೆ. ಘಟನೆ ಕುರಿತು ಸಾರ್ವಜನಿಕ ವಲಯದಲ್ಲಿ ಚರ್ಚೆ ನಡೆದಿದ್ದು, ಸರ್ಕಾರ ಸೂಕ್ತ ಕ್ರಮದ ಭರವಸೆ ನೀಡಿದೆ. ಮುಂದಿನ ದಿನಗಳಲ್ಲಿ ಮತ್ತಷ್ಟು ಮಾಹಿತಿ ಹೊರಬೀಳುವ ಸಾಧ್ಯತೆ ಇದೆ. ಹೆಚ್ಚಿನ ವಿವರಗಳು ಇನ್ನಷ್ಟೇ ಲಭ್ಯವಾಗಬೇಕಿದೆ. ಅರಣ್ಯ ಇಲಾಖೆ ಸಸಿ ನೆಡುವ ಅಭಿಯಾನ ಮುಂದುವರಿಸಿದೆ.

ಹುಲಿ, ಆನೆ ಬರದಂತೆ ಕಟ್ಟೆಚ್ಚರ ವಹಿಸಿ

◆ ಮೈಸೂರು: ಕಾಡಂಚಿನ ಗ್ರಾಮಗಳಿಗೆ ಹುಲಿ, ಆನೆ ಬಾರದಂತೆ ಕಟ್ಟೆಚ್ಚರ ವಹಿಸುವಂತೆ ಅರಣ್ಯ ಇಲಾಖೆ ಅಧಿಕಾರಿಗಳಿಗೆ ಸೂಚನೆ ನೀಡಲಾಗಿದೆ. 2019-20ರಿಂದ ಈವರೆಗೆ ಬಂದ 7000 ಅರ್ಜಿಗಳಲ್ಲಿ 5900 ಅರ್ಜಿಗಳಿಗೆ ಪರಿಹಾರ ವಿತರಿಸಲಾಗಿದೆ. ರೈಲ್ವೆ ಬ್ಯಾರಿಕೇಡ್ ಕಾಮಗಾರಿ ತ್ವರಿತಗೊಳಿಸಲು ಆದೇಶಿಸಲಾಗಿದೆ. ಈ ಕುರಿತು ಹಿರಿಯ ಅಧಿಕಾರಿಗಳು ಮಾಹಿತಿ ನೀಡಿದ್ದು, ಪರಿಶೀಲನೆ ನಡೆಯುತ್ತಿದೆ. ಮುಂದಿನ ದಿನಗಳಲ್ಲಿ ಮತ್ತಷ್ಟು ಮಾಹಿತಿ ಹೊರಬೀಳುವ ಸಾಧ್ಯತೆ ಇದೆ.

ಮಾವುತರು ನಿಮ್ಮ ಮನೆಗೆ ಬರಬೇಕಾ?
ಪುಣೆ → ಕಾಡಾನೆ ಹಾವಳಿ ತಡೆಗೆ 25 ವರ್ಷಗಳ ಅನುಭವದ ಮಾವುತರ ತಂಡ ಗ್ರಾಮಗಳಿಗೆ ಭೇಟಿ ನೀಡಲಿದ್ದು, ರೈತರು ಸಹಾಯವಾಣಿ ಮೂಲಕ ಮಾಹಿತಿ ನೀಡಬಹುದು. ಅಗತ್ಯ ಇರುವ ಕಡೆ ತಂಡ ಶೀಘ್ರ ತೆರಳಲಿದೆ ಎಂದು ಇಲಾಖೆ ತಿಳಿಸಿದೆ.
ಕಾರು ಸ್ಫೋಟಕ್ಕೆ 8 ಸಾವು
ಪುಣೆ → ಕೆಂಪು ಕೋಟೆ ಬಳಿ ಭೀಕರ ಸ್ಫೋಟ; ದೇಶಾದ್ಯಂತ ಕಟ್ಟೆಚ್ಚರ

◆ ಹೊಸದಿಲ್ಲಿ: ಸಂಜೆ 6.55ರ ಸುಮಾರಿಗೆ ಕೆಂಪು ಕೋಟೆ ಮೆಟ್ರೋ ನಿಲ್ದಾಣದ ಬಳಿ ನಿಲ್ಲಿಸಿದ್ದ ಕಾರಿನಲ್ಲಿ ಸಂಭವಿಸಿದ ಸ್ಫೋಟಕ್ಕೆ 8 ಮಂದಿ ಮೃತಪಟ್ಟು, 30ಕ್ಕೂ ಹೆಚ್ಚು ಜನರು ಗಾಯಗೊಂಡಿದ್ದಾರೆ. 24 ಗಂಟೆಯೊಳಗೆ ಪ್ರಾಥಮಿಕ ತನಿಖಾ ವರದಿ ನೀಡುವಂತೆ ಸೂಚಿಸಲಾಗಿದೆ. ಸ್ಥಳಕ್ಕೆ ಎನ್‌ಐಎ, ಎನ್‌ಎಸ್‌ಜಿ ತಂಡಗಳು ಭೇಟಿ ನೀಡಿ ಪರಿಶೀಲನೆ ನಡೆಸಿವೆ. ಪ್ರತ್ಯಕ್ಷದರ್ಶಿಗಳ ಹೇಳಿಕೆ ದಾಖಲಿಸಲಾಗಿದ್ದು, ಸಿಸಿಟಿವಿ ದೃಶ್ಯಗಳ ಪರಿಶೀಲನೆ ನಡೆಯುತ್ತಿದೆ.

ಮೃತರ ಸಂಖ್ಯೆ ಹೆಚ್ಚುವ ಆತಂಕ:

ಗಾಯಾಳುಗಳಲ್ಲಿ 13 ಮಂದಿಯ ಸ್ಥಿತಿ ಗಂಭೀರವಾಗಿದ್ದು, ಮೃತರ ಸಂಖ್ಯೆ ಹೆಚ್ಚುವ ಆತಂಕ ವ್ಯಕ್ತವಾಗಿದೆ. ಆಸ್ಪತ್ರೆಗಳಲ್ಲಿ ತುರ್ತು ಚಿಕಿತ್ಸಾ ವ್ಯವಸ್ಥೆ ಮಾಡಲಾಗಿದೆ. ಹೆಚ್ಚಿನ ವಿವರಗಳು ಇನ್ನಷ್ಟೇ ಲಭ್ಯವಾಗಬೇಕಿದೆ.

ಓರ್ವನ ಬಂಧನ?
ಸ್ಫೋಟದ ಸಂಚಿಗೆ ನೆರವಾದ ಶಂಕೆಯ ಮೇಲೆ ಹರಿಯಾಣ ಮೂಲದ ಯುವಕನೊಬ್ಬನನ್ನು ವಶಕ್ಕೆ ಪಡೆದು ವಿಚಾರಣೆ ನಡೆಸಲಾಗುತ್ತಿದೆ ಎನ್ನಲಾಗಿದೆ. ಅಧಿಕೃತ ದೃಢೀಕರಣ ಇನ್ನಷ್ಟೇ ಹೊರಬೀಳಬೇಕಿದೆ.
ದಿಲ್ಲಿಯಲ್ಲಿ ಭದ್ರತೆ ಹೆಚ್ಚಳ
◆ ಹೊಸದಿಲ್ಲಿ: ಕೆಂಪು ಕೋಟೆ, ಮೆಟ್ರೋ ನಿಲ್ದಾಣ, ವಿಮಾನ ನಿಲ್ದಾಣ ಸೇರಿದಂತೆ ಪ್ರಮುಖ ಸ್ಥಳಗಳಲ್ಲಿ ಭದ್ರತೆ ಹೆಚ್ಚಿಸಲಾಗಿದೆ. ಗಡಿಭಾಗಗಳಲ್ಲಿ ವಾಹನ ತಪಾಸಣೆ ತೀವ್ರಗೊಳಿಸಲಾಗಿದೆ.
ಹರ್ಯಾಣ ನಂಬರ್ ಪ್ಲೇಟ್: ಮೂಲ ಮಾಲೀಕನ ಬಂಧನ
ಸ್ಫೋಟಗೊಂಡ ಕಾರಿನ ನೋಂದಣಿ ಹರ್ಯಾಣದ್ದು ಎಂದು ಖಚಿತವಾಗಿದ್ದು, ಮೂಲ ಮಾಲೀಕನನ್ನು ವಶಕ್ಕೆ ಪಡೆಯಲಾಗಿದೆ. ಕಾರು ಹಲವು ಬಾರಿ ಮಾರಾಟವಾಗಿರುವುದು ತನಿಖೆಯಲ್ಲಿ ಬೆಳಕಿಗೆ ಬಂದಿದೆ.
ಕಟ್ಟುನಿಟ್ಟಿನ ಸೂಚನೆ
ಸ್ಫೋಟದ ಹಿನ್ನೆಲೆಯಲ್ಲಿ ಎಲ್ಲ ರಾಜ್ಯಗಳ ಪ್ರಮುಖ ನಗರಗಳಲ್ಲಿ ಕಟ್ಟೆಚ್ಚರ ವಹಿಸುವಂತೆ ಕೇಂದ್ರ ಗೃಹ ಸಚಿವಾಲಯ ಕಟ್ಟುನಿಟ್ಟಿನ ಸೂಚನೆ ನೀಡಿದೆ. ರೈಲು, ಬಸ್ ನಿಲ್ದಾಣಗಳಲ್ಲಿ ತಪಾಸಣೆ ಬಿಗಿಗೊಳಿಸಲಾಗಿದೆ.
ಮೋದಿ ಸಂತಾಪ
◆ ಥಿಂಪು: ಸ್ಫೋಟದಲ್ಲಿ ಮೃತಪಟ್ಟವರ ಕುಟುಂಬಗಳಿಗೆ ಪ್ರಧಾನಿ ನರೇಂದ್ರ ಮೋದಿ ಸಂತಾಪ ಸೂಚಿಸಿದ್ದು, ಕೃತ್ಯ ಎಸಗಿದವರನ್ನು ಶಿಕ್ಷಿಸದೆ ಬಿಡುವುದಿಲ್ಲ ಎಂದು ಹೇಳಿದ್ದಾರೆ. ಗಾಯಾಳುಗಳ ಶೀಘ್ರ ಚೇತರಿಕೆಗೆ ಪ್ರಾರ್ಥಿಸಿದ್ದಾರೆ.
150 ಮೀಟರ್ ಎತ್ತರಕ್ಕೆ ಚಿಮ್ಮಿದ ಕಾರು!
◆ ಹೊಸದಿಲ್ಲಿ: ಸ್ಫೋಟದ ತೀವ್ರತೆಗೆ ಕಾರಿನ ಬಿಡಿ ಭಾಗಗಳು ಸುಮಾರು 150 ಮೀಟರ್ ದೂರದವರೆಗೆ ಚಿಮ್ಮಿವೆ. ಸಮೀಪದ ವಾಹನಗಳಿಗೆ ಬೆಂಕಿ ಹೊತ್ತಿಕೊಂಡು ಭಾರಿ ಹಾನಿ ಸಂಭವಿಸಿದೆ. ಪ್ರತ್ಯಕ್ಷದರ್ಶಿಗಳು ಭೀಕರ ದೃಶ್ಯ ವಿವರಿಸಿದ್ದಾರೆ. ಸ್ಥಳದಲ್ಲಿ ವಿಧಿವಿಜ್ಞಾನ ತಂಡ ಮಾದರಿ ಸಂಗ್ರಹಿಸಿದೆ.
